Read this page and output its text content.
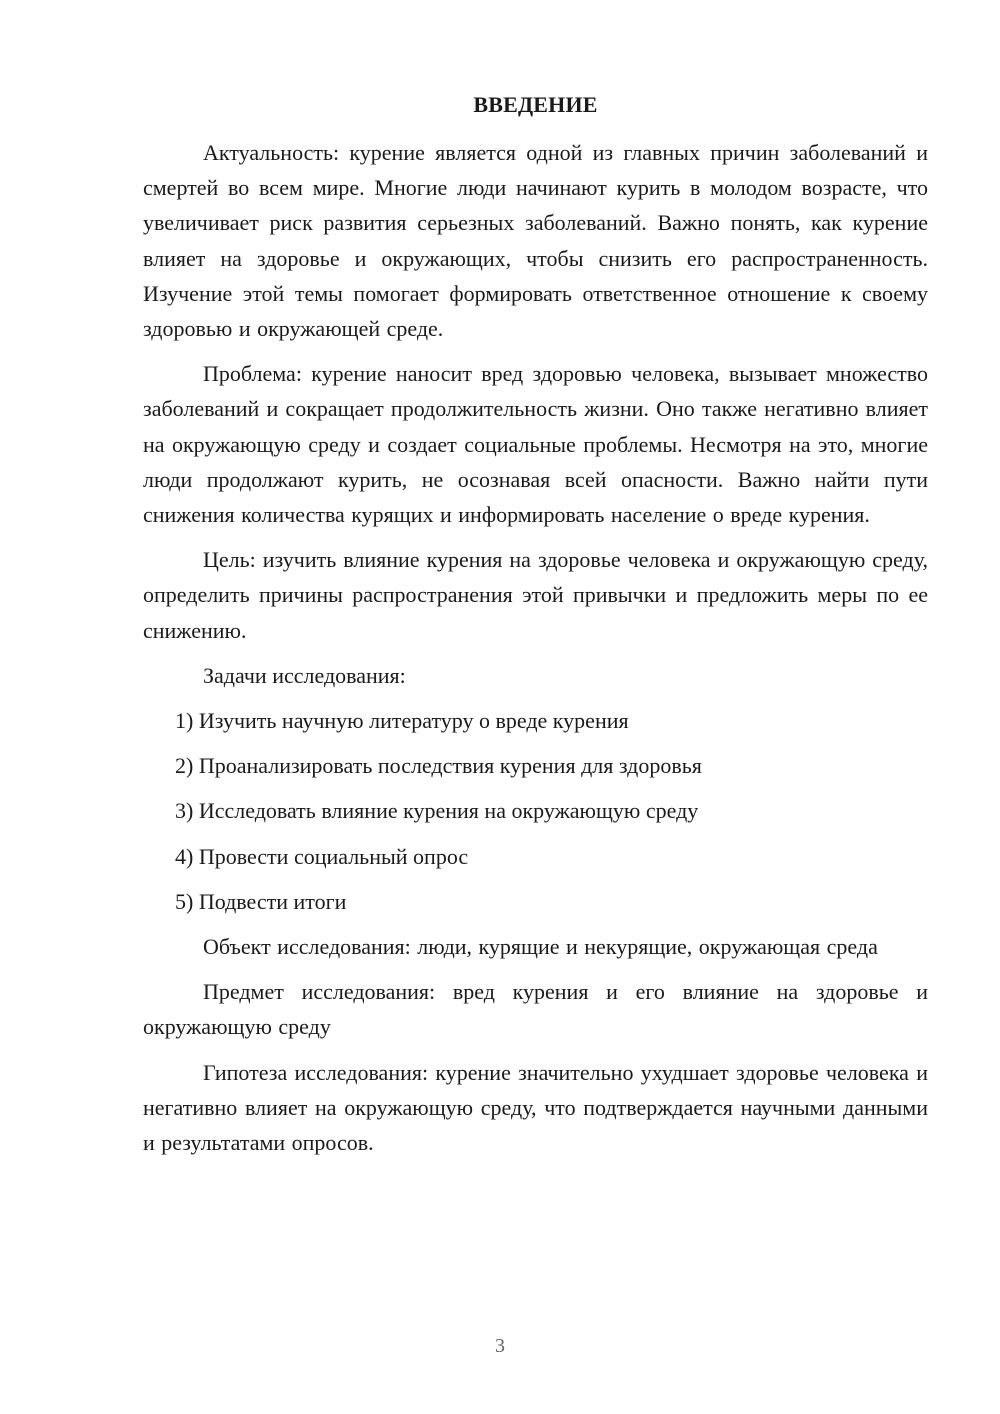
ВВЕДЕНИЕ

Актуальность: курение является одной из главных причин заболеваний и смертей во всем мире. Многие люди начинают курить в молодом возрасте, что увеличивает риск развития серьезных заболеваний. Важно понять, как курение влияет на здоровье и окружающих, чтобы снизить его распространенность. Изучение этой темы помогает формировать ответственное отношение к своему здоровью и окружающей среде.

Проблема: курение наносит вред здоровью человека, вызывает множество заболеваний и сокращает продолжительность жизни. Оно также негативно влияет на окружающую среду и создает социальные проблемы. Несмотря на это, многие люди продолжают курить, не осознавая всей опасности. Важно найти пути снижения количества курящих и информировать население о вреде курения.

Цель: изучить влияние курения на здоровье человека и окружающую среду, определить причины распространения этой привычки и предложить меры по ее снижению.

Задачи исследования:

1) Изучить научную литературу о вреде курения

2) Проанализировать последствия курения для здоровья

3) Исследовать влияние курения на окружающую среду

4) Провести социальный опрос

5) Подвести итоги

Объект исследования: люди, курящие и некурящие, окружающая среда

Предмет исследования: вред курения и его влияние на здоровье и окружающую среду

Гипотеза исследования: курение значительно ухудшает здоровье человека и негативно влияет на окружающую среду, что подтверждается научными данными и результатами опросов.

3
